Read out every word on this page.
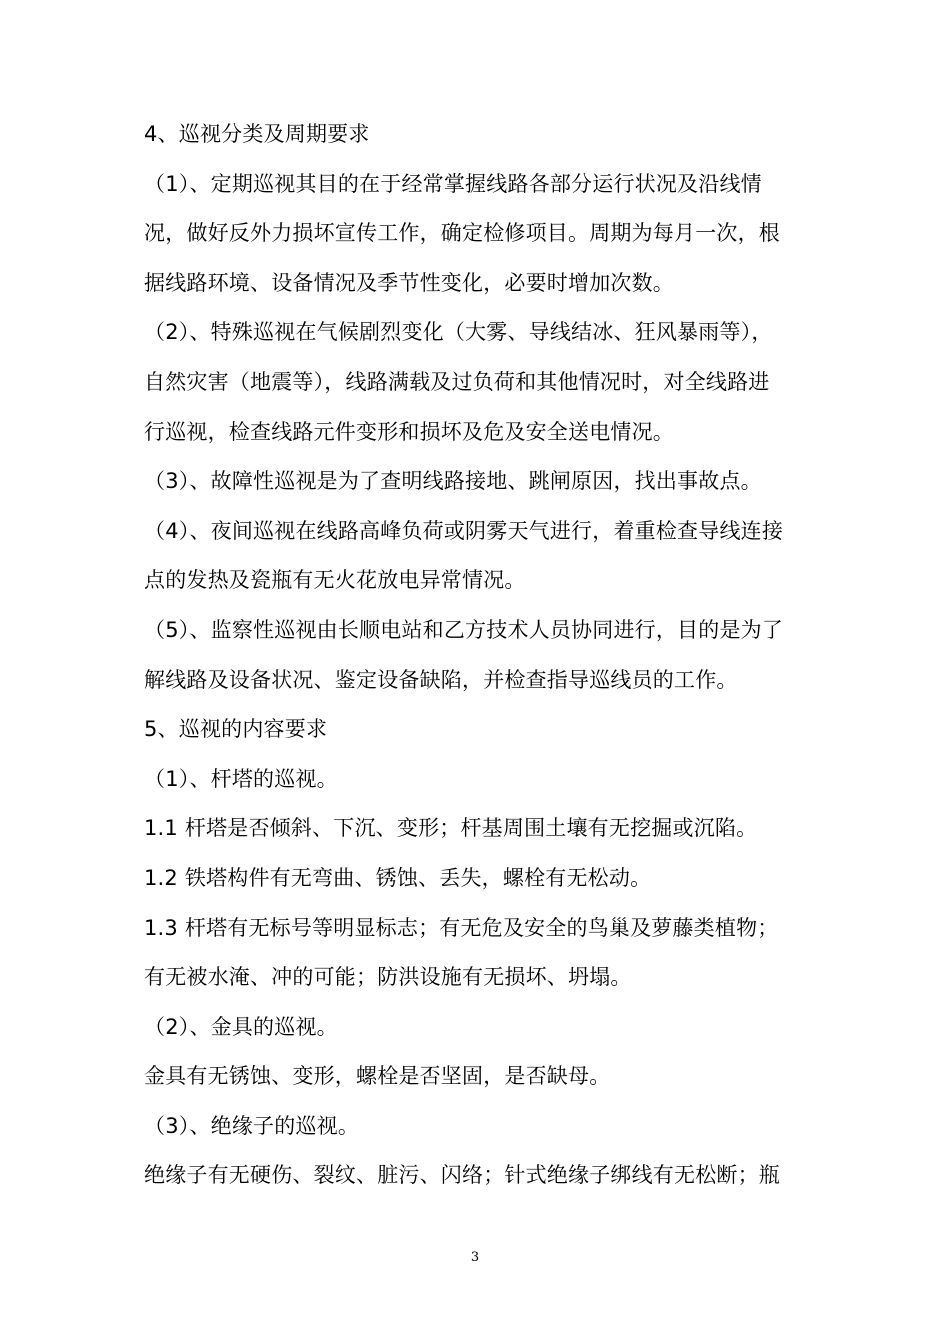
4、巡视分类及周期要求
（1）、定期巡视其目的在于经常掌握线路各部分运行状况及沿线情
况，做好反外力损坏宣传工作，确定检修项目。周期为每月一次，根
据线路环境、设备情况及季节性变化，必要时增加次数。
（2）、特殊巡视在气候剧烈变化（大雾、导线结冰、狂风暴雨等），
自然灾害（地震等），线路满载及过负荷和其他情况时，对全线路进
行巡视，检查线路元件变形和损坏及危及安全送电情况。
（3）、故障性巡视是为了查明线路接地、跳闸原因，找出事故点。
（4）、夜间巡视在线路高峰负荷或阴雾天气进行，着重检查导线连接
点的发热及瓷瓶有无火花放电异常情况。
（5）、监察性巡视由长顺电站和乙方技术人员协同进行，目的是为了
解线路及设备状况、鉴定设备缺陷，并检查指导巡线员的工作。
5、巡视的内容要求
（1）、杆塔的巡视。
1.1 杆塔是否倾斜、下沉、变形；杆基周围土壤有无挖掘或沉陷。
1.2 铁塔构件有无弯曲、锈蚀、丢失，螺栓有无松动。
1.3 杆塔有无标号等明显标志；有无危及安全的鸟巢及萝藤类植物；
有无被水淹、冲的可能；防洪设施有无损坏、坍塌。
（2）、金具的巡视。
金具有无锈蚀、变形，螺栓是否坚固，是否缺母。
（3）、绝缘子的巡视。
绝缘子有无硬伤、裂纹、脏污、闪络；针式绝缘子绑线有无松断；瓶
3
